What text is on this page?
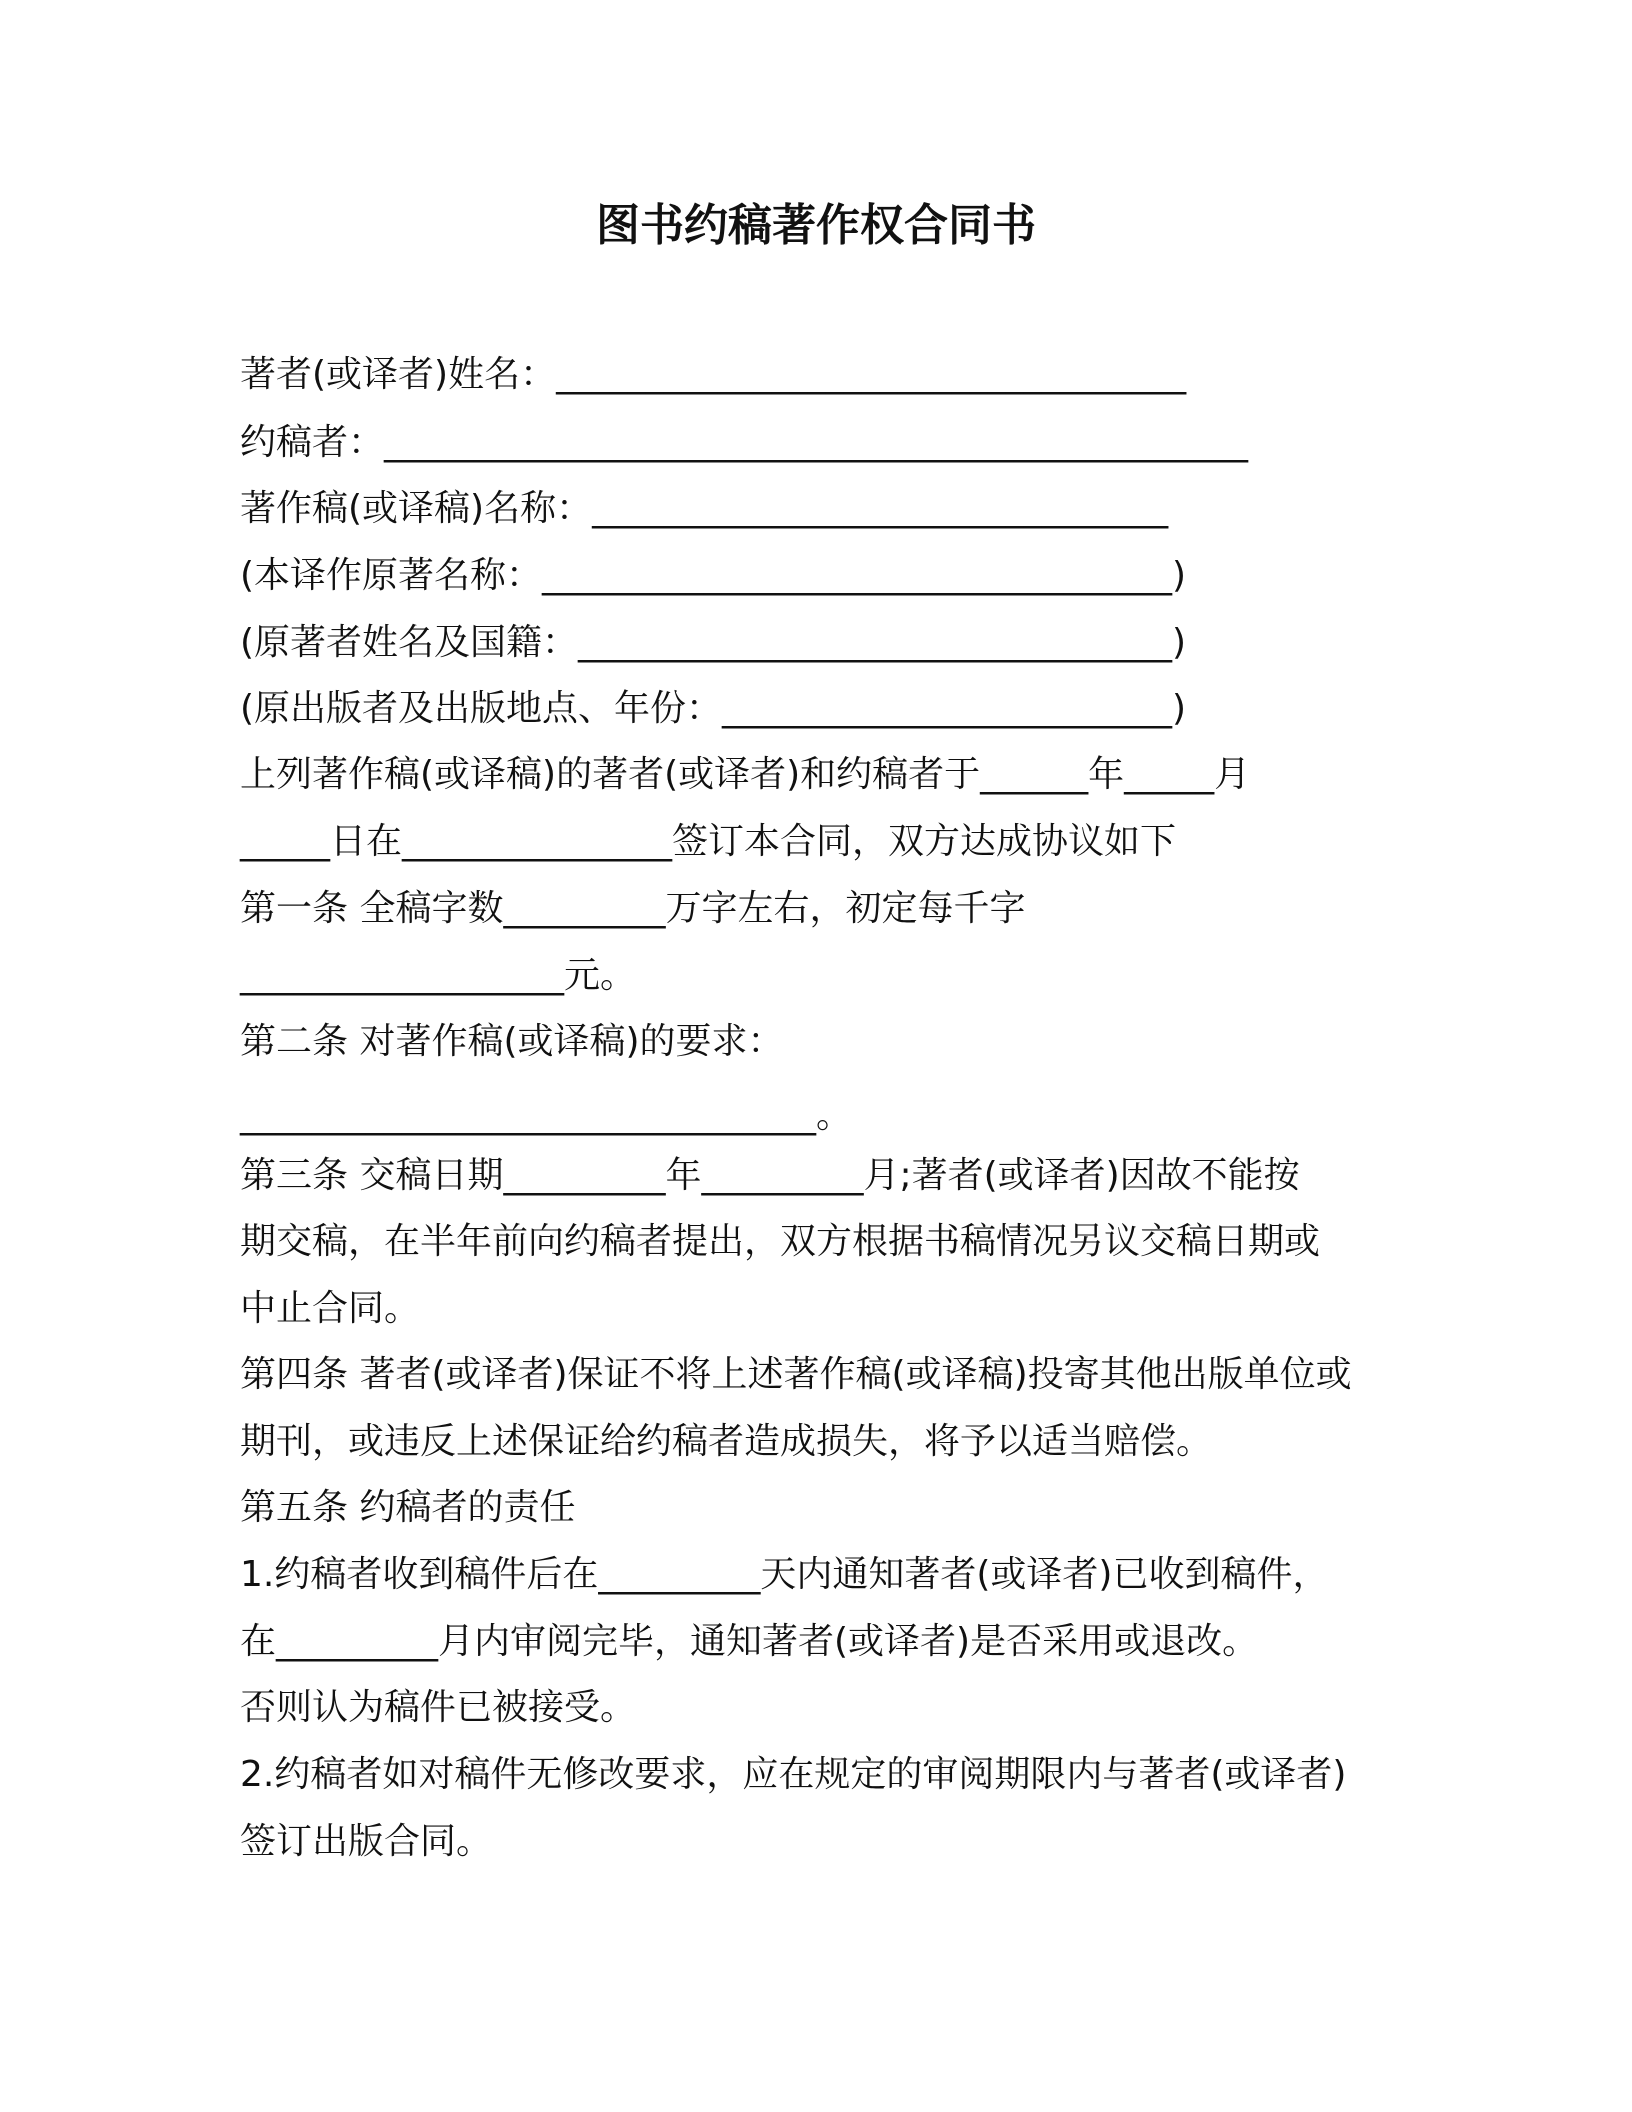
图书约稿著作权合同书
著者(或译者)姓名：___________________________________
约稿者：________________________________________________
著作稿(或译稿)名称：________________________________
(本译作原著名称：___________________________________)
(原著者姓名及国籍：_________________________________)
(原出版者及出版地点、年份：_________________________)
上列著作稿(或译稿)的著者(或译者)和约稿者于______年_____月
_____日在_______________签订本合同，双方达成协议如下
第一条 全稿字数_________万字左右，初定每千字
__________________元。
第二条 对著作稿(或译稿)的要求：
________________________________。
第三条 交稿日期_________年_________月;著者(或译者)因故不能按
期交稿，在半年前向约稿者提出，双方根据书稿情况另议交稿日期或
中止合同。
第四条 著者(或译者)保证不将上述著作稿(或译稿)投寄其他出版单位或
期刊，或违反上述保证给约稿者造成损失，将予以适当赔偿。
第五条 约稿者的责任
1.约稿者收到稿件后在_________天内通知著者(或译者)已收到稿件，
在_________月内审阅完毕，通知著者(或译者)是否采用或退改。
否则认为稿件已被接受。
2.约稿者如对稿件无修改要求，应在规定的审阅期限内与著者(或译者)
签订出版合同。
